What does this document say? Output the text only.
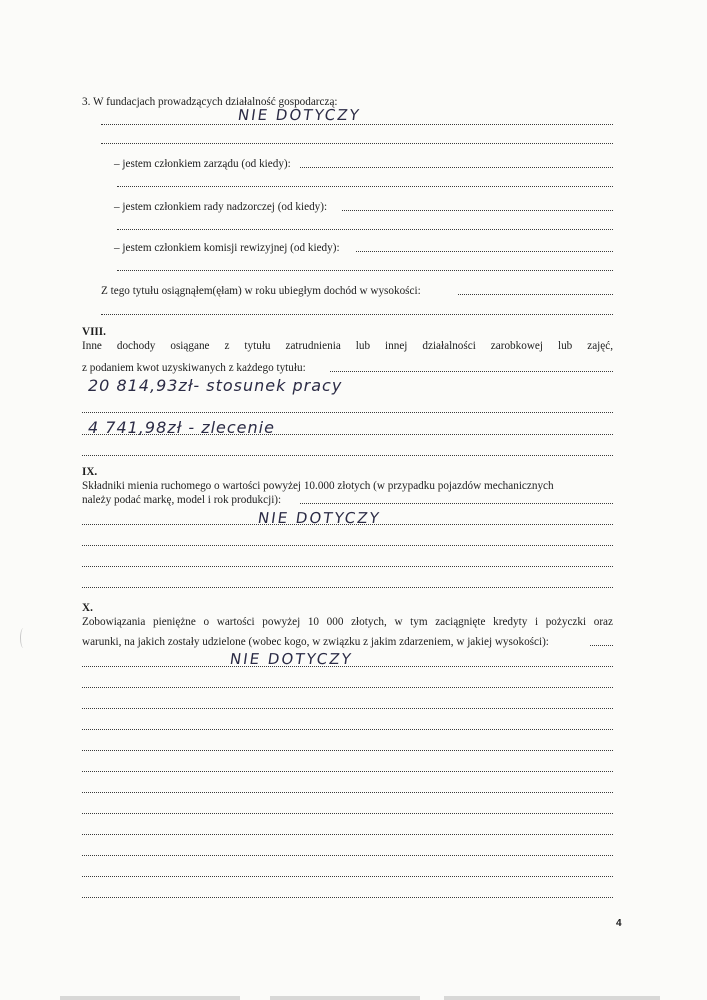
3. W fundacjach prowadzących działalność gospodarczą:
NIE DOTYCZY
– jestem członkiem zarządu (od kiedy):
– jestem członkiem rady nadzorczej (od kiedy):
– jestem członkiem komisji rewizyjnej (od kiedy):
Z tego tytułu osiągnąłem(ęłam) w roku ubiegłym dochód w wysokości:
VIII.
Inne dochody osiągane z tytułu zatrudnienia lub innej działalności zarobkowej lub zajęć,
z podaniem kwot uzyskiwanych z każdego tytułu:
20 814,93zł- stosunek pracy
4 741,98zł - zlecenie
IX.
Składniki mienia ruchomego o wartości powyżej 10.000 złotych (w przypadku pojazdów mechanicznych
należy podać markę, model i rok produkcji):
NIE DOTYCZY
X.
Zobowiązania pieniężne o wartości powyżej 10 000 złotych, w tym zaciągnięte kredyty i pożyczki oraz
warunki, na jakich zostały udzielone (wobec kogo, w związku z jakim zdarzeniem, w jakiej wysokości):
NIE DOTYCZY
4
